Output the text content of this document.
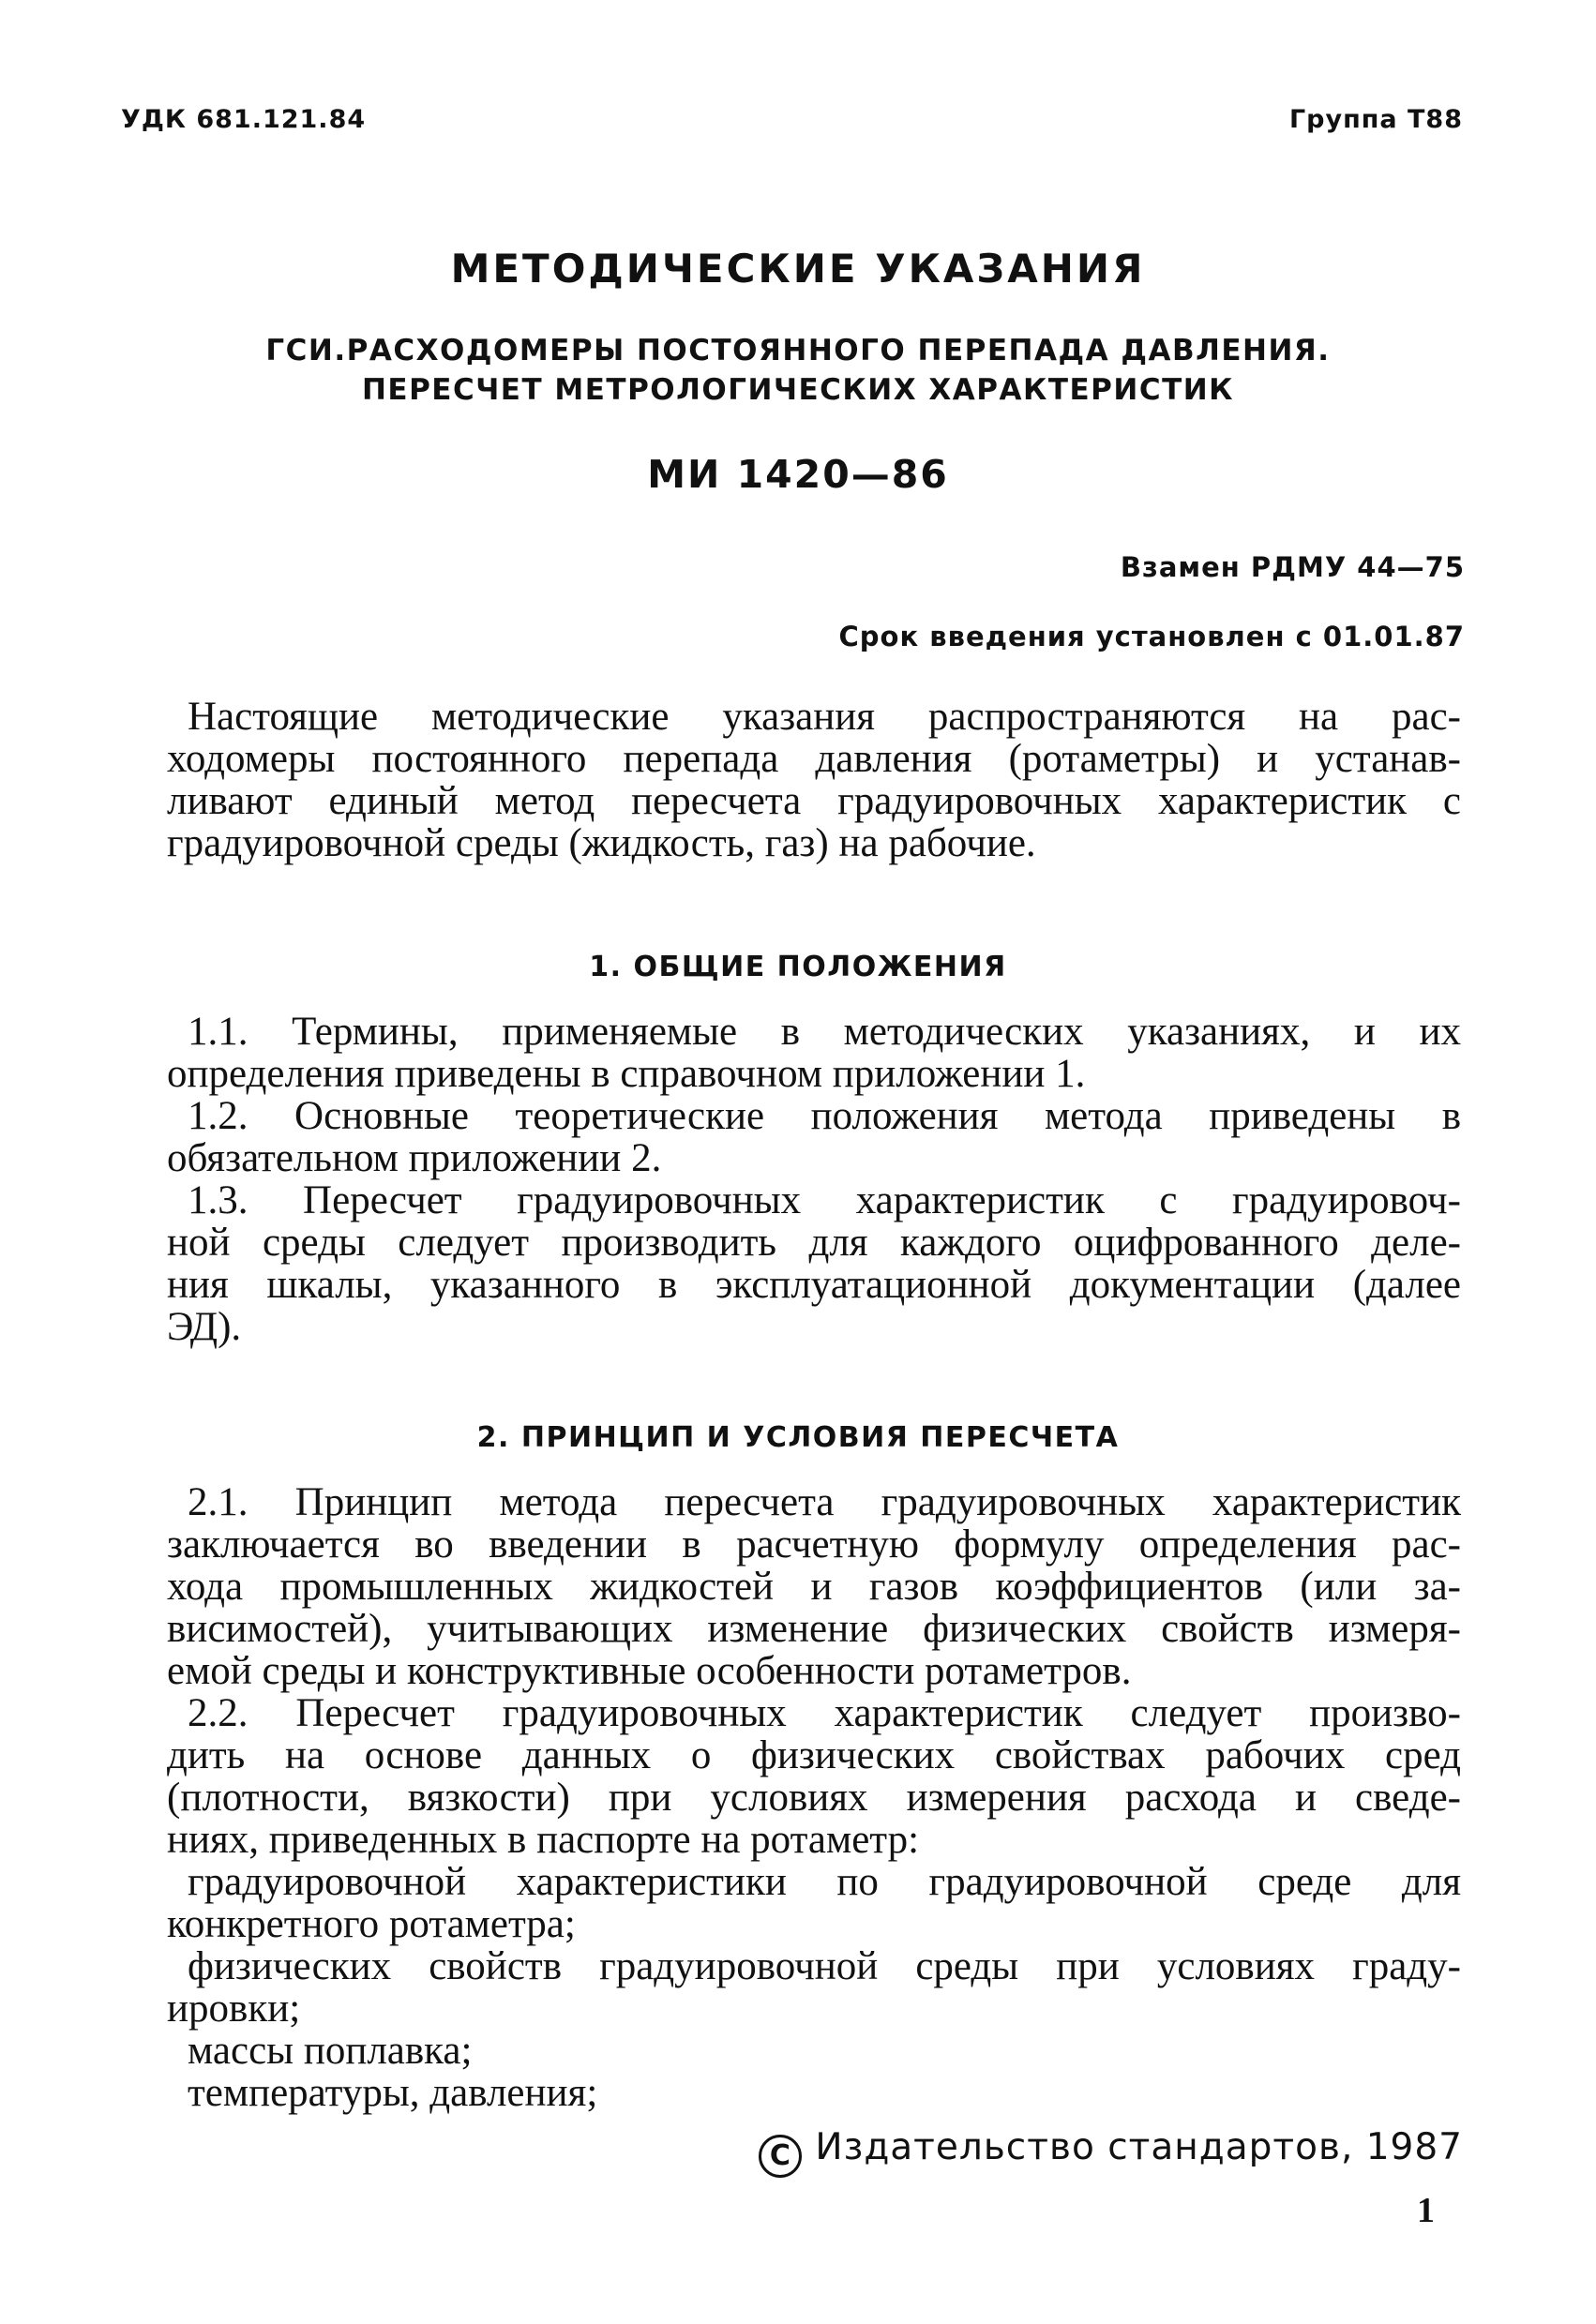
УДК 681.121.84	Группа Т88
МЕТОДИЧЕСКИЕ УКАЗАНИЯ
ГСИ.РАСХОДОМЕРЫ ПОСТОЯННОГО ПЕРЕПАДА ДАВЛЕНИЯ.
ПЕРЕСЧЕТ МЕТРОЛОГИЧЕСКИХ ХАРАКТЕРИСТИК
МИ 1420—86
Взамен РДМУ 44—75
Срок введения установлен с 01.01.87
Настоящие методические указания распространяются на рас-
ходомеры постоянного перепада давления (ротаметры) и устанав-
ливают единый метод пересчета градуировочных характеристик с
градуировочной среды (жидкость, газ) на рабочие.
1. ОБЩИЕ ПОЛОЖЕНИЯ
1.1. Термины, применяемые в методических указаниях, и их
определения приведены в справочном приложении 1.
1.2. Основные теоретические положения метода приведены в
обязательном приложении 2.
1.3. Пересчет градуировочных характеристик с градуировоч-
ной среды следует производить для каждого оцифрованного деле-
ния шкалы, указанного в эксплуатационной документации (далее
ЭД).
2. ПРИНЦИП И УСЛОВИЯ ПЕРЕСЧЕТА
2.1. Принцип метода пересчета градуировочных характеристик
заключается во введении в расчетную формулу определения рас-
хода промышленных жидкостей и газов коэффициентов (или за-
висимостей), учитывающих изменение физических свойств измеря-
емой среды и конструктивные особенности ротаметров.
2.2. Пересчет градуировочных характеристик следует произво-
дить на основе данных о физических свойствах рабочих сред
(плотности, вязкости) при условиях измерения расхода и сведе-
ниях, приведенных в паспорте на ротаметр:
градуировочной характеристики по градуировочной среде для
конкретного ротаметра;
физических свойств градуировочной среды при условиях граду-
ировки;
массы поплавка;
температуры, давления;
C Издательство стандартов, 1987
1
